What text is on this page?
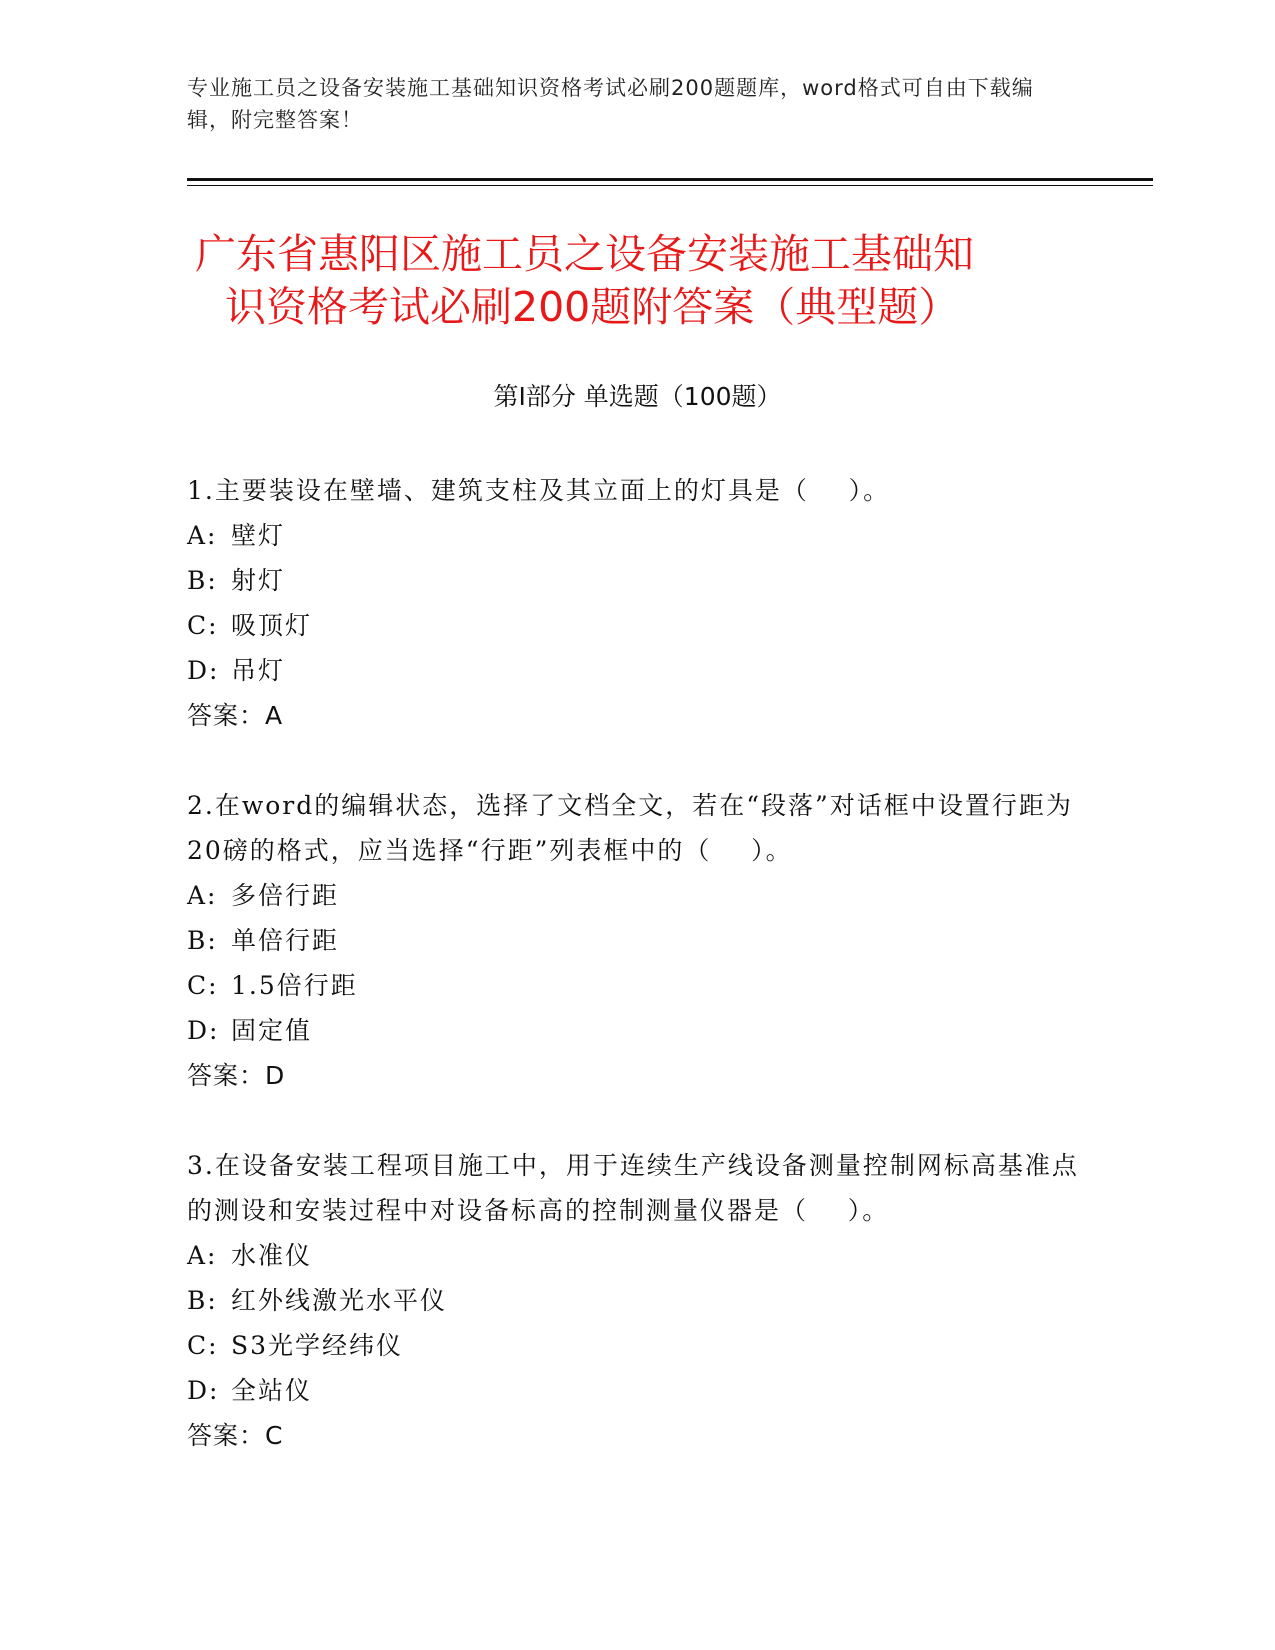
专业施工员之设备安装施工基础知识资格考试必刷200题题库，word格式可自由下载编辑，附完整答案！
广东省惠阳区施工员之设备安装施工基础知
识资格考试必刷200题附答案（典型题）
第Ⅰ部分 单选题（100题）

1.主要装设在壁墙、建筑支柱及其立面上的灯具是（    ）。

A: 壁灯
B: 射灯
C: 吸顶灯
D: 吊灯
答案：A

2.在word的编辑状态，选择了文档全文，若在“段落”对话框中设置行距为20磅的格式，应当选择“行距”列表框中的（    ）。

A: 多倍行距
B: 单倍行距
C: 1.5倍行距
D: 固定值
答案：D

3.在设备安装工程项目施工中，用于连续生产线设备测量控制网标高基准点的测设和安装过程中对设备标高的控制测量仪器是（    ）。

A: 水准仪
B: 红外线激光水平仪
C: S3光学经纬仪
D: 全站仪
答案：C
